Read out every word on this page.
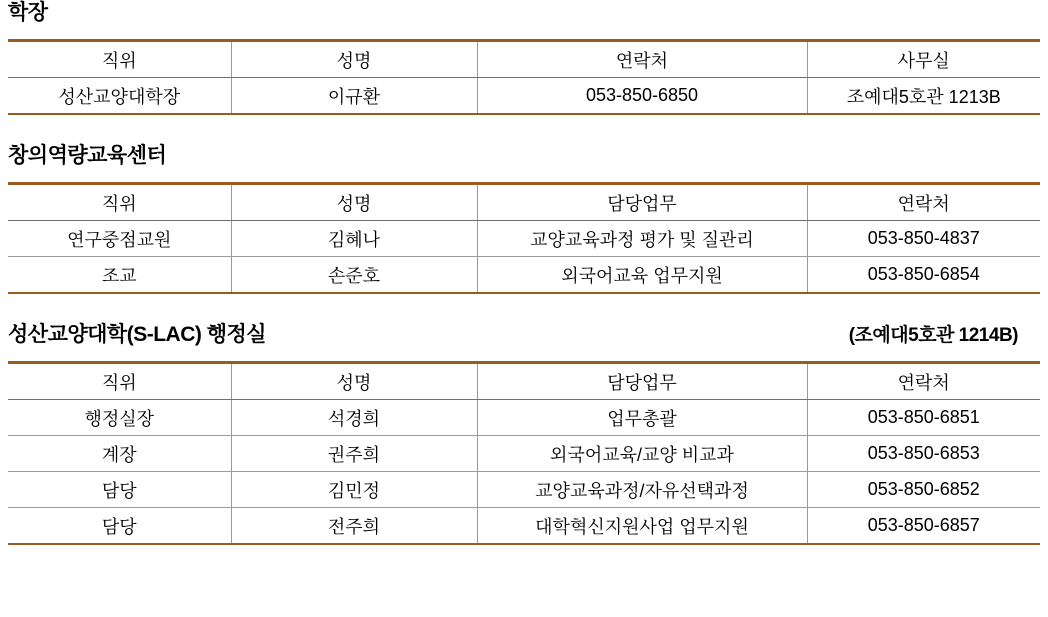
학장
직위	성명	연락처	사무실
성산교양대학장	이규환	053-850-6850	조예대5호관 1213B
창의역량교육센터
직위	성명	담당업무	연락처
연구중점교원	김혜나	교양교육과정 평가 및 질관리	053-850-4837
조교	손준호	외국어교육 업무지원	053-850-6854
성산교양대학(S-LAC) 행정실	(조예대5호관 1214B)
직위	성명	담당업무	연락처
행정실장	석경희	업무총괄	053-850-6851
계장	권주희	외국어교육/교양 비교과	053-850-6853
담당	김민정	교양교육과정/자유선택과정	053-850-6852
담당	전주희	대학혁신지원사업 업무지원	053-850-6857
